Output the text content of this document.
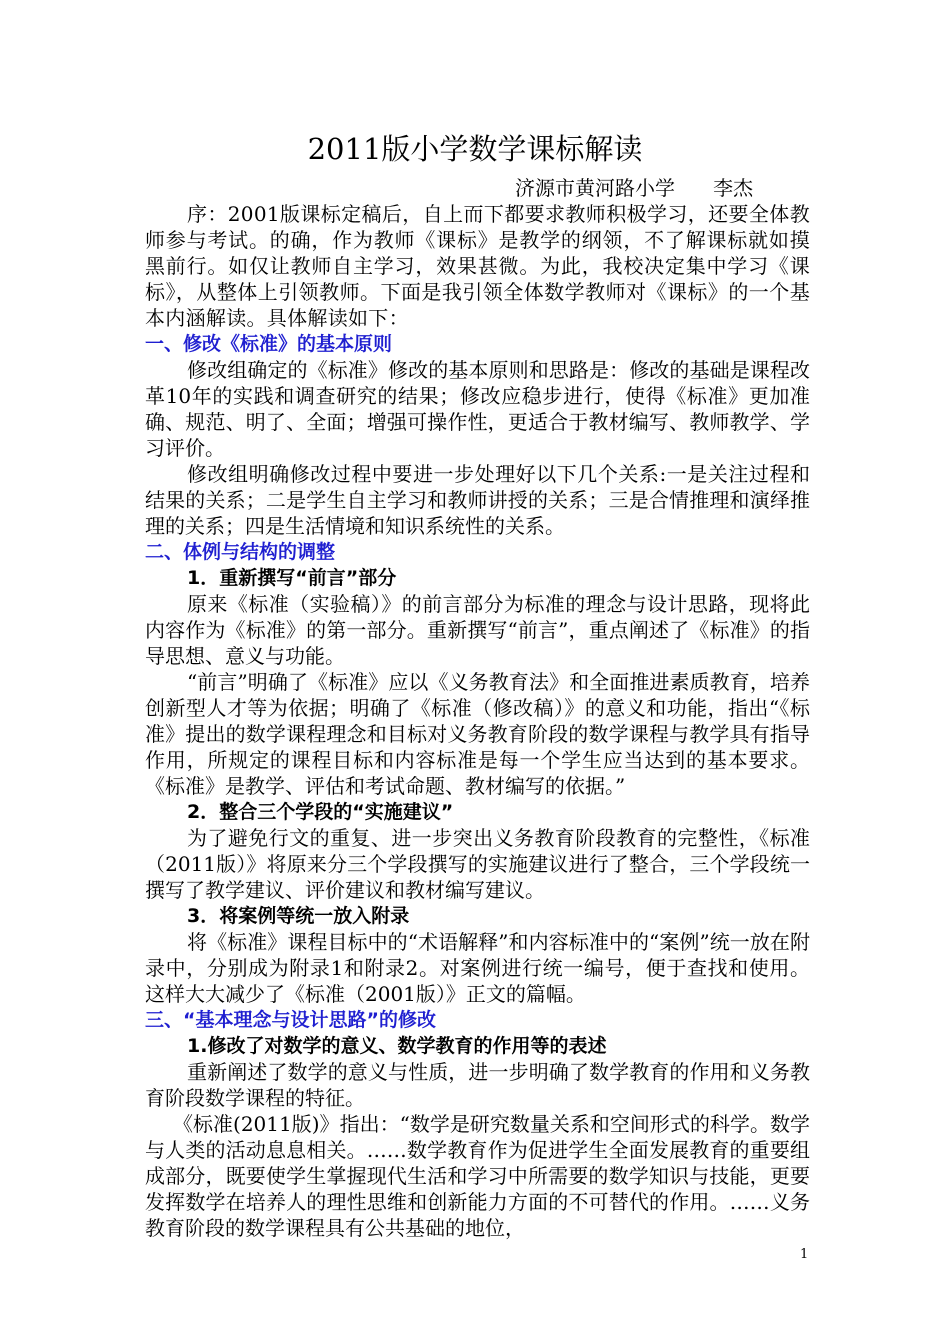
2011版小学数学课标解读
济源市黄河路小学      李杰

序：2001版课标定稿后，自上而下都要求教师积极学习，还要全体教师参与考试。的确，作为教师《课标》是教学的纲领，不了解课标就如摸黑前行。如仅让教师自主学习，效果甚微。为此，我校决定集中学习《课标》，从整体上引领教师。下面是我引领全体数学教师对《课标》的一个基本内涵解读。具体解读如下：

一、修改《标准》的基本原则

修改组确定的《标准》修改的基本原则和思路是：修改的基础是课程改革10年的实践和调查研究的结果；修改应稳步进行，使得《标准》更加准确、规范、明了、全面；增强可操作性，更适合于教材编写、教师教学、学习评价。

修改组明确修改过程中要进一步处理好以下几个关系:一是关注过程和结果的关系；二是学生自主学习和教师讲授的关系；三是合情推理和演绎推理的关系；四是生活情境和知识系统性的关系。

二、体例与结构的调整

1．重新撰写“前言”部分

原来《标准（实验稿）》的前言部分为标准的理念与设计思路，现将此内容作为《标准》的第一部分。重新撰写“前言”，重点阐述了《标准》的指导思想、意义与功能。

“前言”明确了《标准》应以《义务教育法》和全面推进素质教育，培养创新型人才等为依据；明确了《标准（修改稿）》的意义和功能，指出“《标准》提出的数学课程理念和目标对义务教育阶段的数学课程与教学具有指导作用，所规定的课程目标和内容标准是每一个学生应当达到的基本要求。《标准》是教学、评估和考试命题、教材编写的依据。”

2．整合三个学段的“实施建议”

为了避免行文的重复、进一步突出义务教育阶段教育的完整性，《标准（2011版）》将原来分三个学段撰写的实施建议进行了整合，三个学段统一撰写了教学建议、评价建议和教材编写建议。

3．将案例等统一放入附录

将《标准》课程目标中的“术语解释”和内容标准中的“案例”统一放在附录中，分别成为附录1和附录2。对案例进行统一编号，便于查找和使用。这样大大减少了《标准（2001版）》正文的篇幅。

三、“基本理念与设计思路”的修改

1.修改了对数学的意义、数学教育的作用等的表述

重新阐述了数学的意义与性质，进一步明确了数学教育的作用和义务教育阶段数学课程的特征。

《标准(2011版)》指出：“数学是研究数量关系和空间形式的科学。数学与人类的活动息息相关。……数学教育作为促进学生全面发展教育的重要组成部分，既要使学生掌握现代生活和学习中所需要的数学知识与技能，更要发挥数学在培养人的理性思维和创新能力方面的不可替代的作用。……义务教育阶段的数学课程具有公共基础的地位，

1
